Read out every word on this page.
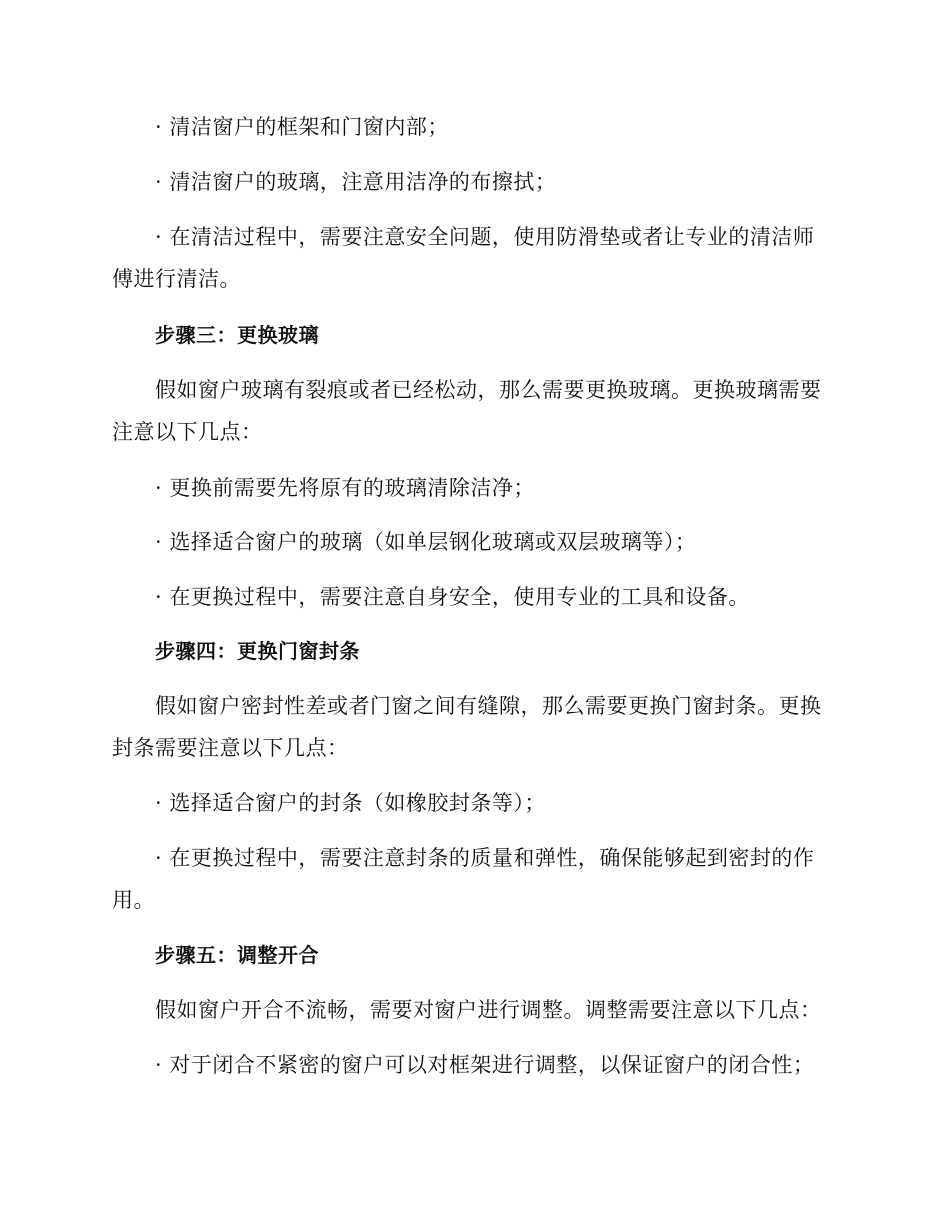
· 清洁窗户的框架和门窗内部；
· 清洁窗户的玻璃，注意用洁净的布擦拭；
· 在清洁过程中，需要注意安全问题，使用防滑垫或者让专业的清洁师
傅进行清洁。
步骤三：更换玻璃
假如窗户玻璃有裂痕或者已经松动，那么需要更换玻璃。更换玻璃需要
注意以下几点：
· 更换前需要先将原有的玻璃清除洁净；
· 选择适合窗户的玻璃（如单层钢化玻璃或双层玻璃等）；
· 在更换过程中，需要注意自身安全，使用专业的工具和设备。
步骤四：更换门窗封条
假如窗户密封性差或者门窗之间有缝隙，那么需要更换门窗封条。更换
封条需要注意以下几点：
· 选择适合窗户的封条（如橡胶封条等）；
· 在更换过程中，需要注意封条的质量和弹性，确保能够起到密封的作
用。
步骤五：调整开合
假如窗户开合不流畅，需要对窗户进行调整。调整需要注意以下几点：
· 对于闭合不紧密的窗户可以对框架进行调整，以保证窗户的闭合性；
